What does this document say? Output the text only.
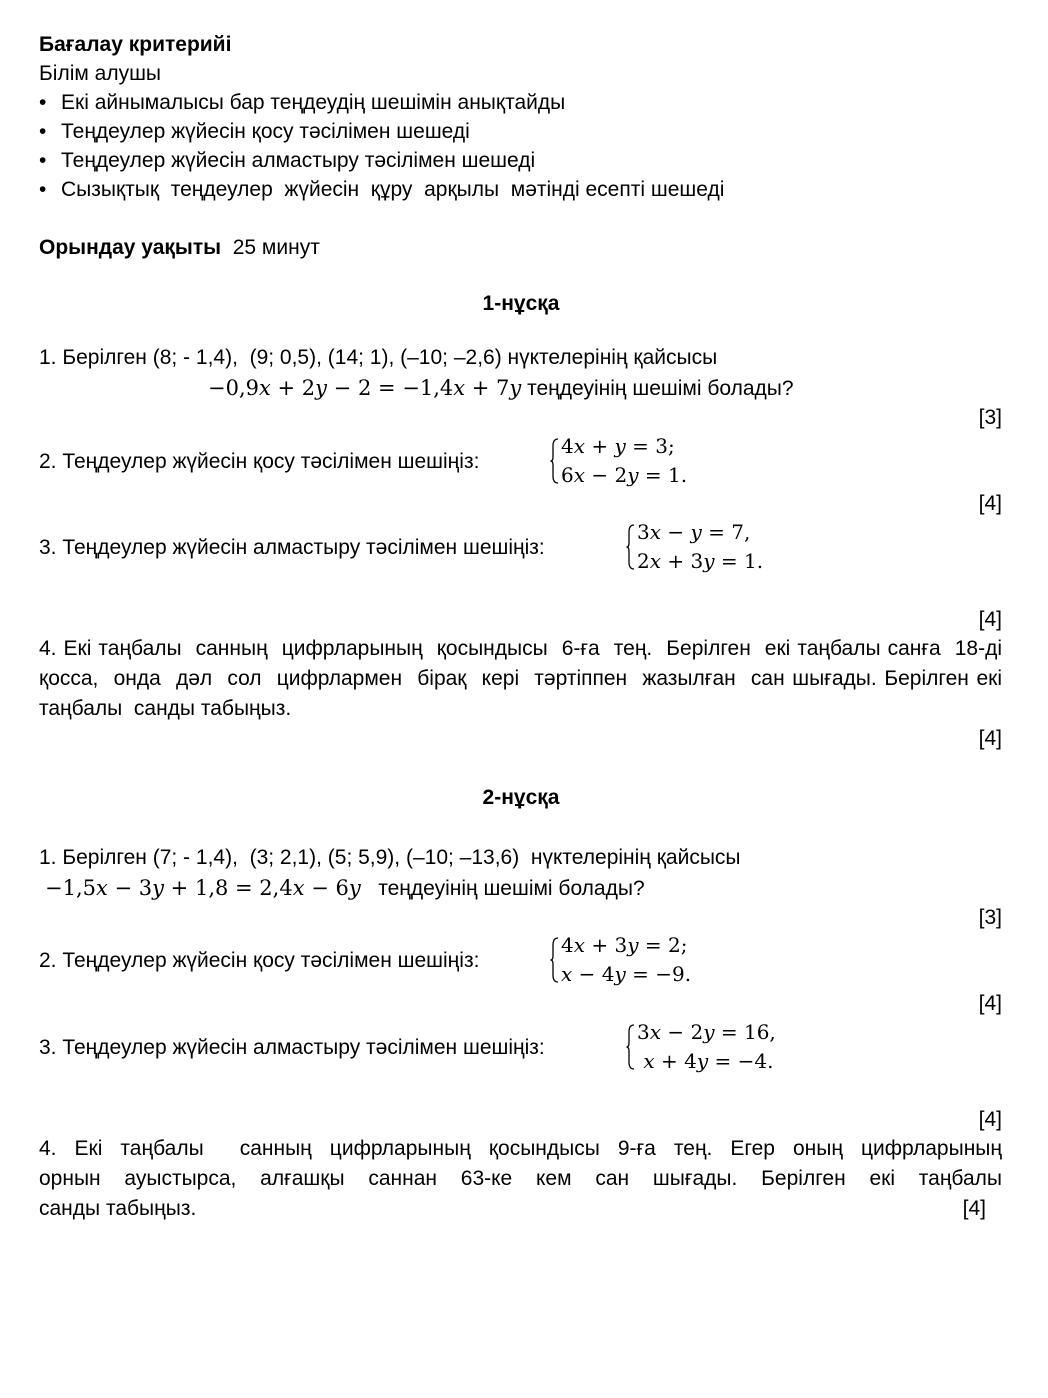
Бағалау критерийі
Білім алушы
• Екі айнымалысы бар теңдеудің шешімін анықтайды
• Теңдеулер жүйесін қосу тәсілімен шешеді
• Теңдеулер жүйесін алмастыру тәсілімен шешеді
• Сызықтық  теңдеулер  жүйесін  құру  арқылы  мәтінді есепті шешеді
Орындау уақыты 25 минут
1-нұсқа
1. Берілген (8; - 1,4),  (9; 0,5), (14; 1), (–10; –2,6) нүктелерінің қайсысы
−0,9𝑥 + 2𝑦 − 2 = −1,4𝑥 + 7𝑦 теңдеуінің шешімі болады?
[3]
2. Теңдеулер жүйесін қосу тәсілімен шешіңіз:
4𝑥 + 𝑦 = 3;
6𝑥 − 2𝑦 = 1.
[4]
3. Теңдеулер жүйесін алмастыру тәсілімен шешіңіз:
3𝑥 − 𝑦 = 7,
2𝑥 + 3𝑦 = 1.
[4]
4. Екі таңбалы  санның  цифрларының  қосындысы  6-ға  тең.  Берілген  екі таңбалы санға  18-ді   қосса,  онда  дәл  сол  цифрлармен  бірақ  кері  тәртіппен  жазылған  сан шығады. Берілген екі таңбалы  санды табыңыз.
[4]
2-нұсқа
1. Берілген (7; - 1,4),  (3; 2,1), (5; 5,9), (–10; –13,6)  нүктелерінің қайсысы
−1,5𝑥 − 3𝑦 + 1,8 = 2,4𝑥 − 6𝑦 теңдеуінің шешімі болады?
[3]
2. Теңдеулер жүйесін қосу тәсілімен шешіңіз:
4𝑥 + 3𝑦 = 2;
𝑥 − 4𝑦 = −9.
[4]
3. Теңдеулер жүйесін алмастыру тәсілімен шешіңіз:
3𝑥 − 2𝑦 = 16,
𝑥 + 4𝑦 = −4.
[4]
4. Екі таңбалы  санның цифрларының қосындысы 9-ға тең. Егер оның цифрларының
орнын ауыстырса, алғашқы саннан 63-ке кем сан шығады. Берілген екі таңбалы
санды табыңыз.	[4]
